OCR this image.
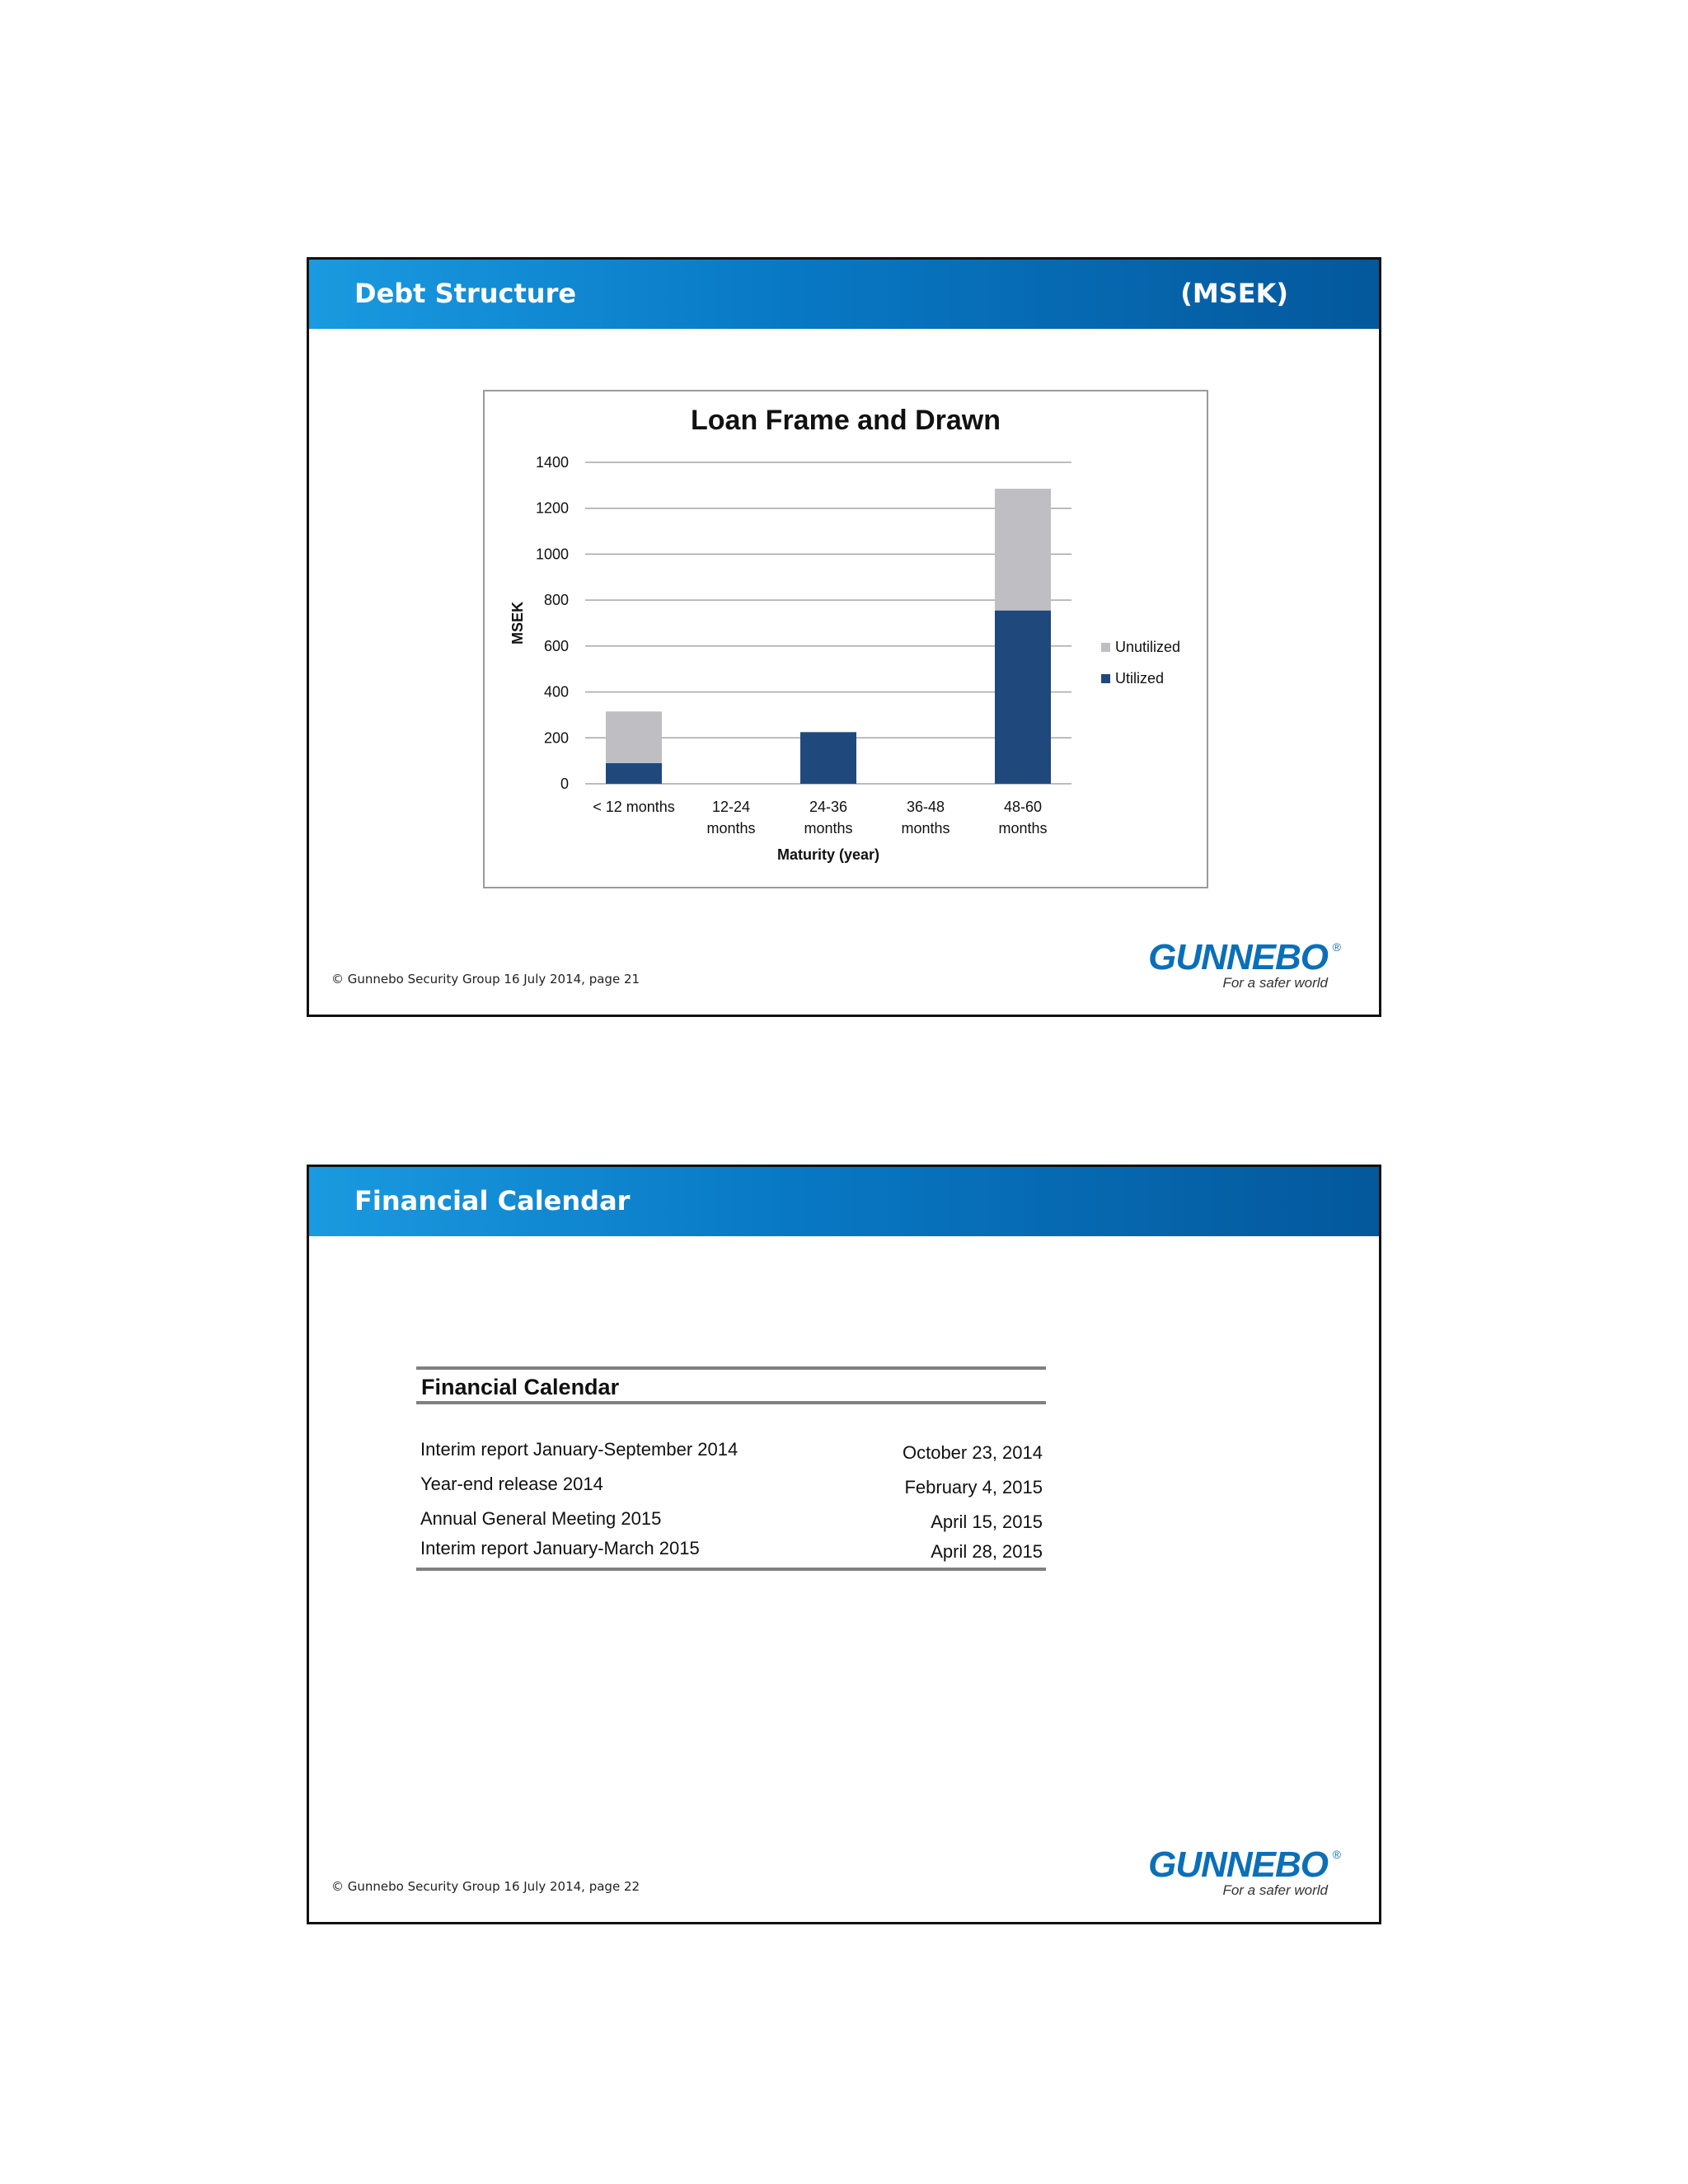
Debt Structure	(MSEK)
Loan Frame and Drawn
0
200
400
600
800
1000
1200
1400
MSEK
< 12 months	12-24
months
24-36
months
36-48
months
48-60
months
Maturity (year)
Unutilized
Utilized
© Gunnebo Security Group 16 July 2014, page 21
GUNNEBO ®
For a safer world
Financial Calendar
Financial Calendar
Interim report January-September 2014	October 23, 2014
Year-end release 2014	February 4, 2015
Annual General Meeting 2015	April 15, 2015
Interim report January-March 2015	April 28, 2015
© Gunnebo Security Group 16 July 2014, page 22
GUNNEBO ®
For a safer world
